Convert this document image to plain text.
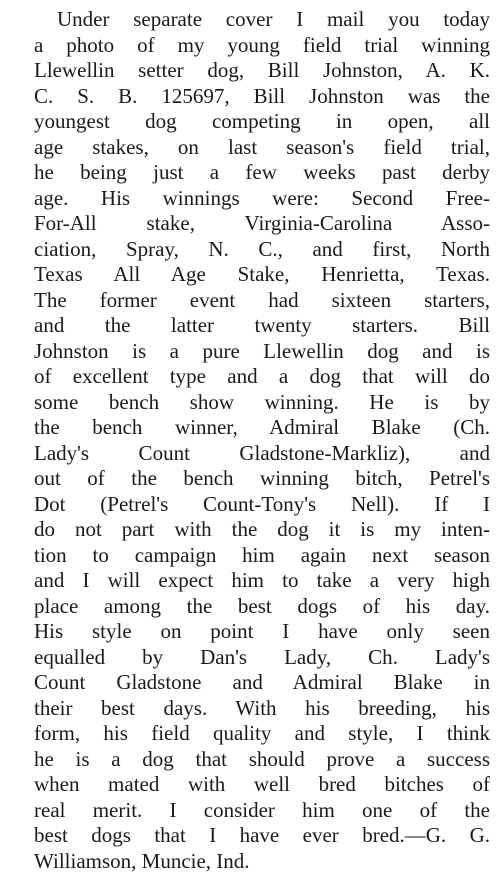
Under separate cover I mail you today
a photo of my young field trial winning
Llewellin setter dog, Bill Johnston, A. K.
C. S. B. 125697, Bill Johnston was the
youngest dog competing in open, all
age stakes, on last season's field trial,
he being just a few weeks past derby
age. His winnings were: Second Free-
For-All stake, Virginia-Carolina Asso-
ciation, Spray, N. C., and first, North
Texas All Age Stake, Henrietta, Texas.
The former event had sixteen starters,
and the latter twenty starters. Bill
Johnston is a pure Llewellin dog and is
of excellent type and a dog that will do
some bench show winning. He is by
the bench winner, Admiral Blake (Ch.
Lady's Count Gladstone-Markliz), and
out of the bench winning bitch, Petrel's
Dot (Petrel's Count-Tony's Nell). If I
do not part with the dog it is my inten-
tion to campaign him again next season
and I will expect him to take a very high
place among the best dogs of his day.
His style on point I have only seen
equalled by Dan's Lady, Ch. Lady's
Count Gladstone and Admiral Blake in
their best days. With his breeding, his
form, his field quality and style, I think
he is a dog that should prove a success
when mated with well bred bitches of
real merit. I consider him one of the
best dogs that I have ever bred.—G. G.
Williamson, Muncie, Ind.
